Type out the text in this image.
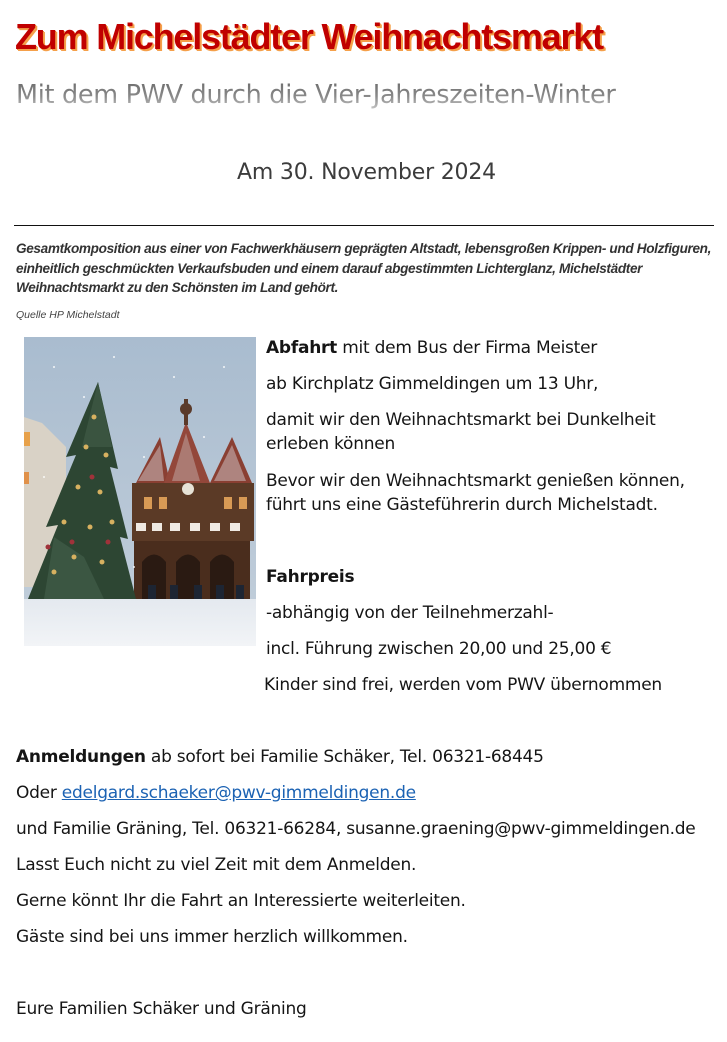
Zum Michelstädter Weihnachtsmarkt
Mit dem PWV durch die Vier-Jahreszeiten-Winter

Am 30. November 2024

Gesamtkomposition aus einer von Fachwerkhäusern geprägten Altstadt, lebensgroßen Krippen- und Holzfiguren, einheitlich geschmückten Verkaufsbuden und einem darauf abgestimmten Lichterglanz, Michelstädter Weihnachtsmarkt zu den Schönsten im Land gehört.

Quelle HP Michelstadt

Abfahrt mit dem Bus der Firma Meister

ab Kirchplatz Gimmeldingen um 13 Uhr,

damit wir den Weihnachtsmarkt bei Dunkelheit erleben können

Bevor wir den Weihnachtsmarkt genießen können, führt uns eine Gästeführerin durch Michelstadt.

Fahrpreis

-abhängig von der Teilnehmerzahl-

incl. Führung zwischen 20,00 und 25,00 €

Kinder sind frei, werden vom PWV übernommen

Anmeldungen ab sofort bei Familie Schäker, Tel. 06321-68445

Oder edelgard.schaeker@pwv-gimmeldingen.de

und Familie Gräning, Tel. 06321-66284, susanne.graening@pwv-gimmeldingen.de

Lasst Euch nicht zu viel Zeit mit dem Anmelden.

Gerne könnt Ihr die Fahrt an Interessierte weiterleiten.

Gäste sind bei uns immer herzlich willkommen.

Eure Familien Schäker und Gräning
